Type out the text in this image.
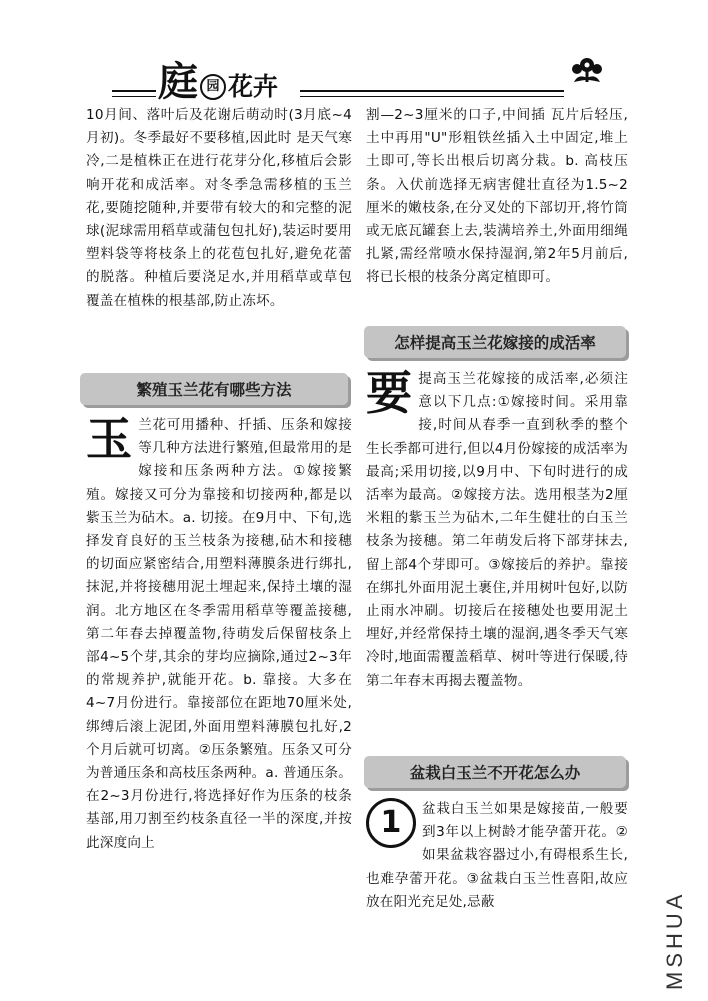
庭 园 花卉

10月间、落叶后及花谢后萌动时(3月底~4月初)。冬季最好不要移植,因此时 是天气寒冷,二是植株正在进行花芽分化,移植后会影响开花和成活率。对冬季急需移植的玉兰花,要随挖随种,并要带有较大的和完整的泥球(泥球需用稻草或蒲包包扎好),装运时要用塑料袋等将枝条上的花苞包扎好,避免花蕾的脱落。种植后要浇足水,并用稻草或草包覆盖在植株的根基部,防止冻坏。

繁殖玉兰花有哪些方法

玉 兰花可用播种、扦插、压条和嫁接等几种方法进行繁殖,但最常用的是嫁接和压条两种方法。①嫁接繁殖。嫁接又可分为靠接和切接两种,都是以紫玉兰为砧木。a. 切接。在9月中、下旬,选择发育良好的玉兰枝条为接穗,砧木和接穗的切面应紧密结合,用塑料薄膜条进行绑扎,抹泥,并将接穗用泥土埋起来,保持土壤的湿润。北方地区在冬季需用稻草等覆盖接穗,第二年春去掉覆盖物,待萌发后保留枝条上部4~5个芽,其余的芽均应摘除,通过2~3年的常规养护,就能开花。b. 靠接。大多在4~7月份进行。靠接部位在距地70厘米处,绑缚后滚上泥团,外面用塑料薄膜包扎好,2个月后就可切离。②压条繁殖。压条又可分为普通压条和高枝压条两种。a. 普通压条。在2~3月份进行,将选择好作为压条的枝条基部,用刀割至约枝条直径一半的深度,并按此深度向上

割—2~3厘米的口子,中间插 瓦片后轻压,土中再用"U"形粗铁丝插入土中固定,堆上土即可,等长出根后切离分栽。b. 高枝压条。入伏前选择无病害健壮直径为1.5~2厘米的嫩枝条,在分叉处的下部切开,将竹筒或无底瓦罐套上去,装满培养土,外面用细绳扎紧,需经常喷水保持湿润,第2年5月前后,将已长根的枝条分离定植即可。

怎样提高玉兰花嫁接的成活率

要 提高玉兰花嫁接的成活率,必须注意以下几点:①嫁接时间。采用靠接,时间从春季一直到秋季的整个生长季都可进行,但以4月份嫁接的成活率为最高;采用切接,以9月中、下旬时进行的成活率为最高。②嫁接方法。选用根茎为2厘米粗的紫玉兰为砧木,二年生健壮的白玉兰枝条为接穗。第二年萌发后将下部芽抹去,留上部4个芽即可。③嫁接后的养护。靠接在绑扎外面用泥土裹住,并用树叶包好,以防止雨水冲刷。切接后在接穗处也要用泥土埋好,并经常保持土壤的湿润,遇冬季天气寒冷时,地面需覆盖稻草、树叶等进行保暖,待第二年春末再揭去覆盖物。

盆栽白玉兰不开花怎么办

1	盆栽白玉兰如果是嫁接苗,一般要到3年以上树龄才能孕蕾开花。②如果盆栽容器过小,有碍根系生长,也难孕蕾开花。③盆栽白玉兰性喜阳,故应放在阳光充足处,忌蔽	MSHUA
